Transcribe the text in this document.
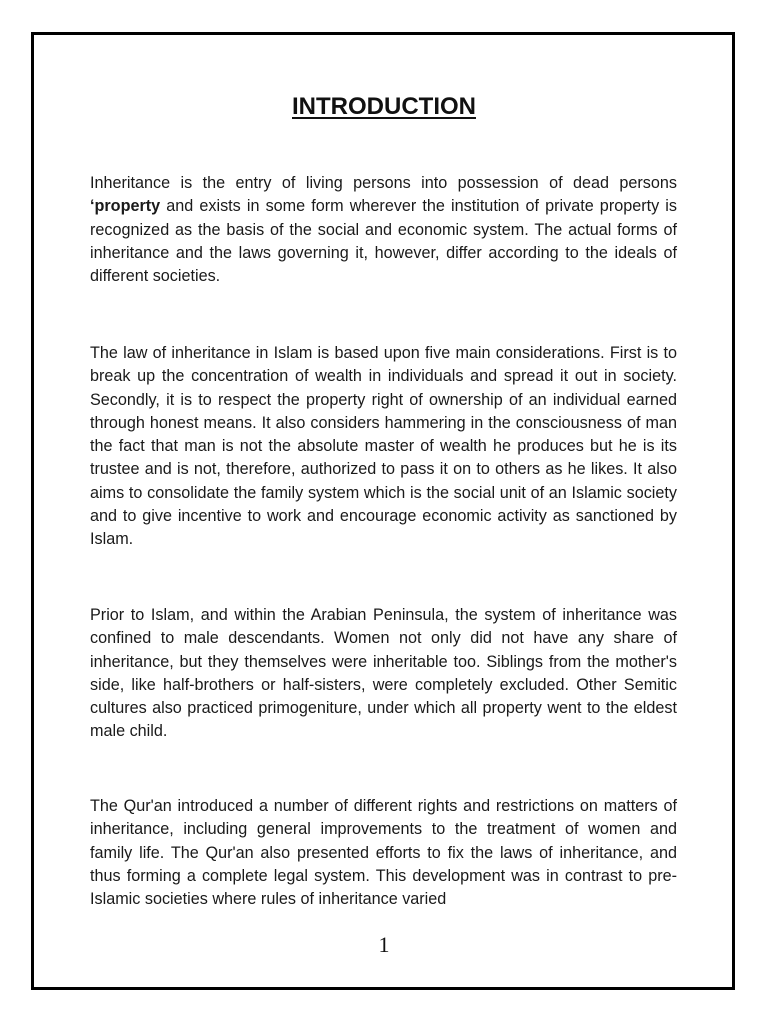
INTRODUCTION

Inheritance is the entry of living persons into possession of dead persons ‘property and exists in some form wherever the institution of private property is recognized as the basis of the social and economic system. The actual forms of inheritance and the laws governing it, however, differ according to the ideals of different societies.

The law of inheritance in Islam is based upon five main considerations. First is to break up the concentration of wealth in individuals and spread it out in society. Secondly, it is to respect the property right of ownership of an individual earned through honest means. It also considers hammering in the consciousness of man the fact that man is not the absolute master of wealth he produces but he is its trustee and is not, therefore, authorized to pass it on to others as he likes. It also aims to consolidate the family system which is the social unit of an Islamic society and to give incentive to work and encourage economic activity as sanctioned by Islam.

Prior to Islam, and within the Arabian Peninsula, the system of inheritance was confined to male descendants. Women not only did not have any share of inheritance, but they themselves were inheritable too. Siblings from the mother's side, like half-brothers or half-sisters, were completely excluded. Other Semitic cultures also practiced primogeniture, under which all property went to the eldest male child.

The Qur'an introduced a number of different rights and restrictions on matters of inheritance, including general improvements to the treatment of women and family life. The Qur'an also presented efforts to fix the laws of inheritance, and thus forming a complete legal system. This development was in contrast to pre-Islamic societies where rules of inheritance varied

1
